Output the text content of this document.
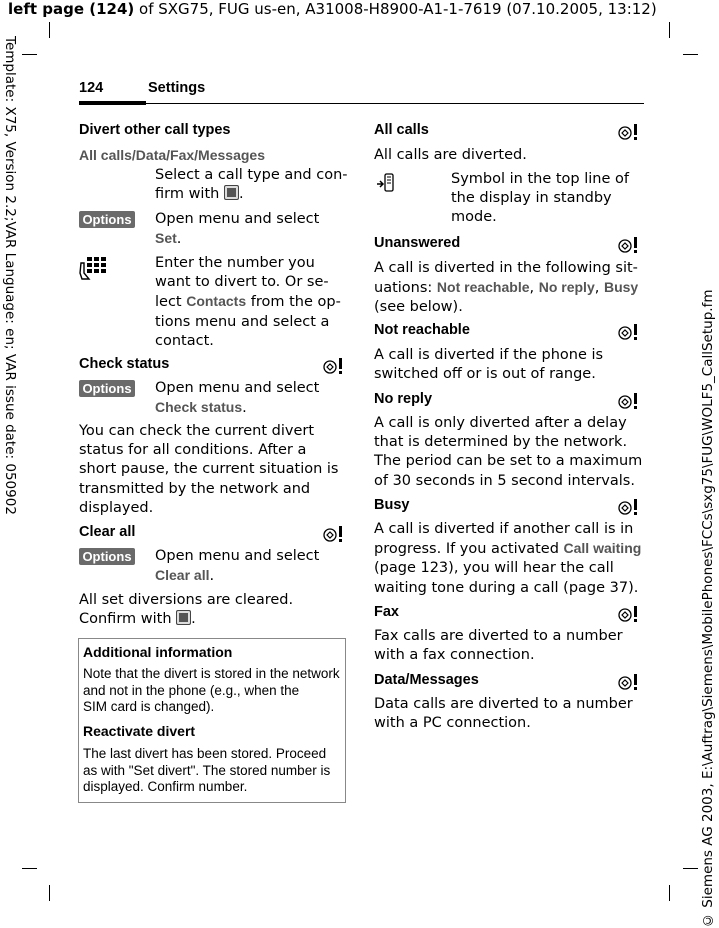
left page (124) of SXG75, FUG us-en, A31008-H8900-A1-1-7619 (07.10.2005, 13:12)
Template: X75, Version 2.2;VAR Language: en; VAR issue date: 050902
© Siemens AG 2003, E:\Auftrag\Siemens\MobilePhones\FCCs\sxg75\FUG\WOLF5_CallSetup.fm
124	Settings
Divert other call types
All calls/Data/Fax/Messages
Select a call type and con-
firm with .
Options Open menu and select
Set.
Enter the number you
want to divert to. Or se-
lect Contacts from the op-
tions menu and select a
contact.
Check status
Options Open menu and select
Check status.
You can check the current divert
status for all conditions. After a
short pause, the current situation is
transmitted by the network and
displayed.
Clear all
Options Open menu and select
Clear all.
All set diversions are cleared.
Confirm with .
Additional information
Note that the divert is stored in the network
and not in the phone (e.g., when the
SIM card is changed).
Reactivate divert
The last divert has been stored. Proceed
as with "Set divert". The stored number is
displayed. Confirm number.
All calls
All calls are diverted.
Symbol in the top line of
the display in standby
mode.
Unanswered
A call is diverted in the following sit-
uations: Not reachable, No reply, Busy
(see below).
Not reachable
A call is diverted if the phone is
switched off or is out of range.
No reply
A call is only diverted after a delay
that is determined by the network.
The period can be set to a maximum
of 30 seconds in 5 second intervals.
Busy
A call is diverted if another call is in
progress. If you activated Call waiting
(page 123), you will hear the call
waiting tone during a call (page 37).
Fax
Fax calls are diverted to a number
with a fax connection.
Data/Messages
Data calls are diverted to a number
with a PC connection.
